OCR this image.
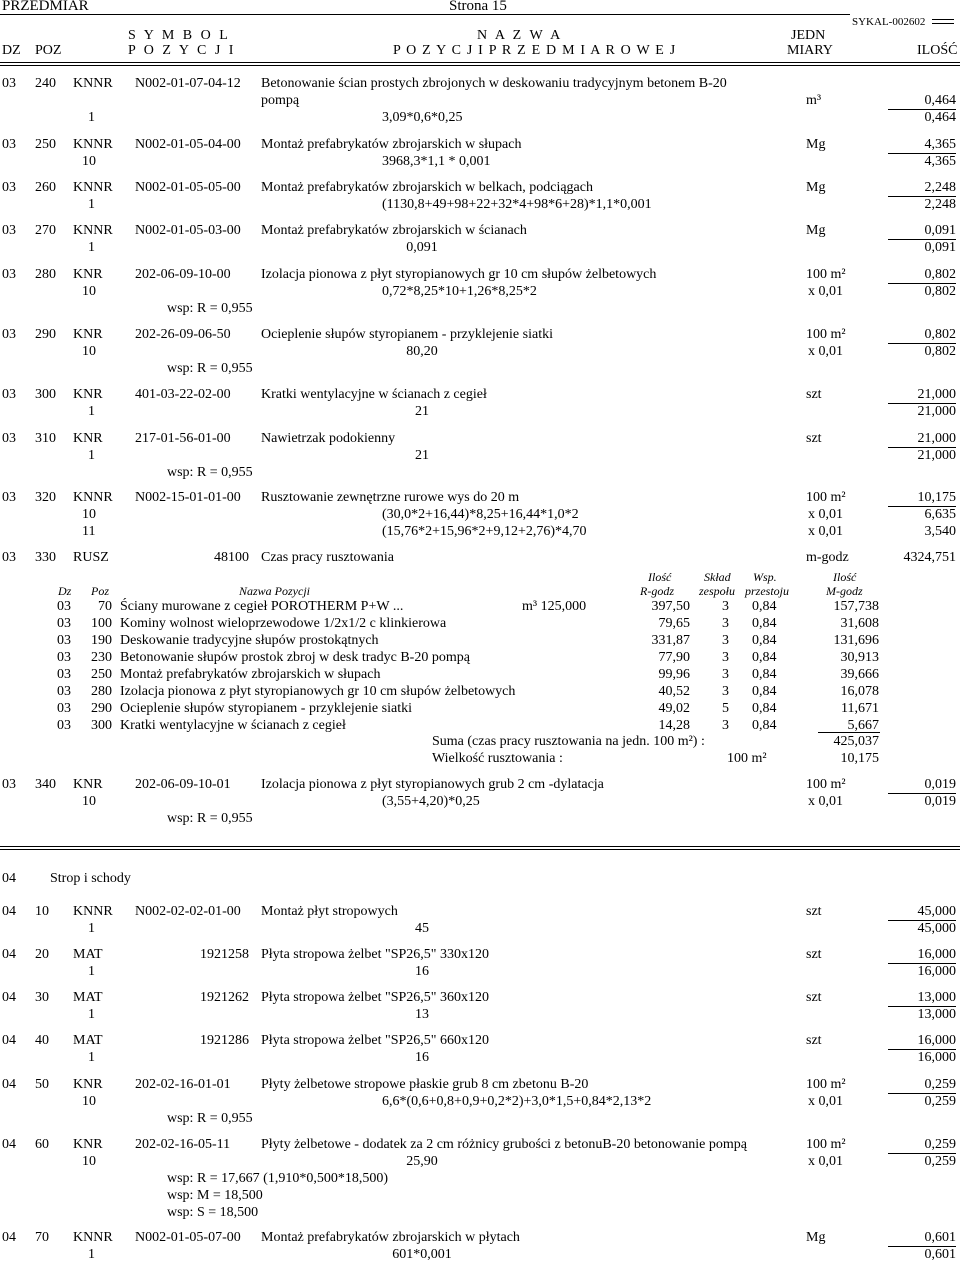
PRZEDMIAR	Strona 15
SYKAL-002602
S Y M B O L	N A Z W A	JEDN
DZ POZ	P O Z Y C J I	P O Z Y C J I P R Z E D M I A R O W E J	MIARY	ILOŚĆ
03 240 KNNR N002-01-07-04-12 Betonowanie ścian prostych zbrojonych w deskowaniu tradycyjnym betonem B-20
pompą	m³	0,464
1	3,09*0,6*0,25	0,464
03 250 KNNR N002-01-05-04-00 Montaż prefabrykatów zbrojarskich w słupach	Mg	4,365
10	3968,3*1,1 * 0,001	4,365
03 260 KNNR N002-01-05-05-00 Montaż prefabrykatów zbrojarskich w belkach, podciągach	Mg	2,248
1	(1130,8+49+98+22+32*4+98*6+28)*1,1*0,001	2,248
03 270 KNNR N002-01-05-03-00 Montaż prefabrykatów zbrojarskich w ścianach	Mg	0,091
1	0,091	0,091
03 280 KNR 202-06-09-10-00 Izolacja pionowa z płyt styropianowych gr 10 cm słupów żelbetowych	100 m²	0,802
10	0,72*8,25*10+1,26*8,25*2	x 0,01	0,802
wsp: R = 0,955
03 290 KNR 202-26-09-06-50 Ocieplenie słupów styropianem - przyklejenie siatki	100 m²	0,802
10	80,20	x 0,01	0,802
wsp: R = 0,955
03 300 KNR 401-03-22-02-00 Kratki wentylacyjne w ścianach z cegieł	szt	21,000
1	21	21,000
03 310 KNR 217-01-56-01-00 Nawietrzak podokienny	szt	21,000
1	21	21,000
wsp: R = 0,955
03 320 KNNR N002-15-01-01-00 Rusztowanie zewnętrzne rurowe wys do 20 m	100 m²	10,175
10	(30,0*2+16,44)*8,25+16,44*1,0*2	x 0,01	6,635
11	(15,76*2+15,96*2+9,12+2,76)*4,70	x 0,01	3,540
03 330 RUSZ	48100 Czas pracy rusztowania	m-godz	4324,751
Ilość	Skład Wsp.	Ilość
Dz Poz	Nazwa Pozycji	R-godz zespołu przestoju	M-godz
03 70 Ściany murowane z cegieł POROTHERM P+W ...	m³ 125,000	397,50 3 0,84	157,738
03 100 Kominy wolnost wieloprzewodowe 1/2x1/2 c klinkierowa	79,65 3 0,84	31,608
03 190 Deskowanie tradycyjne słupów prostokątnych	331,87 3 0,84	131,696
03 230 Betonowanie słupów prostok zbroj w desk tradyc B-20 pompą	77,90 3 0,84	30,913
03 250 Montaż prefabrykatów zbrojarskich w słupach	99,96 3 0,84	39,666
03 280 Izolacja pionowa z płyt styropianowych gr 10 cm słupów żelbetowych	40,52 3 0,84	16,078
03 290 Ocieplenie słupów styropianem - przyklejenie siatki	49,02 5 0,84	11,671
03 300 Kratki wentylacyjne w ścianach z cegieł	14,28 3 0,84	5,667
Suma (czas pracy rusztowania na jedn. 100 m²) :	425,037
Wielkość rusztowania :	100 m²	10,175
03 340 KNR 202-06-09-10-01 Izolacja pionowa z płyt styropianowych grub 2 cm -dylatacja	100 m²	0,019
10	(3,55+4,20)*0,25	x 0,01	0,019
wsp: R = 0,955
04 Strop i schody
04 10 KNNR N002-02-02-01-00 Montaż płyt stropowych	szt	45,000
1	45	45,000
04 20 MAT	1921258 Płyta stropowa żelbet "SP26,5" 330x120	szt	16,000
1	16	16,000
04 30 MAT	1921262 Płyta stropowa żelbet "SP26,5" 360x120	szt	13,000
1	13	13,000
04 40 MAT	1921286 Płyta stropowa żelbet "SP26,5" 660x120	szt	16,000
1	16	16,000
04 50 KNR 202-02-16-01-01 Płyty żelbetowe stropowe płaskie grub 8 cm zbetonu B-20	100 m²	0,259
10	6,6*(0,6+0,8+0,9+0,2*2)+3,0*1,5+0,84*2,13*2	x 0,01	0,259
wsp: R = 0,955
04 60 KNR 202-02-16-05-11 Płyty żelbetowe - dodatek za 2 cm różnicy grubości z betonuB-20 betonowanie pompą	100 m²	0,259
10	25,90	x 0,01	0,259
wsp: R = 17,667 (1,910*0,500*18,500)
wsp: M = 18,500
wsp: S = 18,500
04 70 KNNR N002-01-05-07-00 Montaż prefabrykatów zbrojarskich w płytach	Mg	0,601
1	601*0,001	0,601
